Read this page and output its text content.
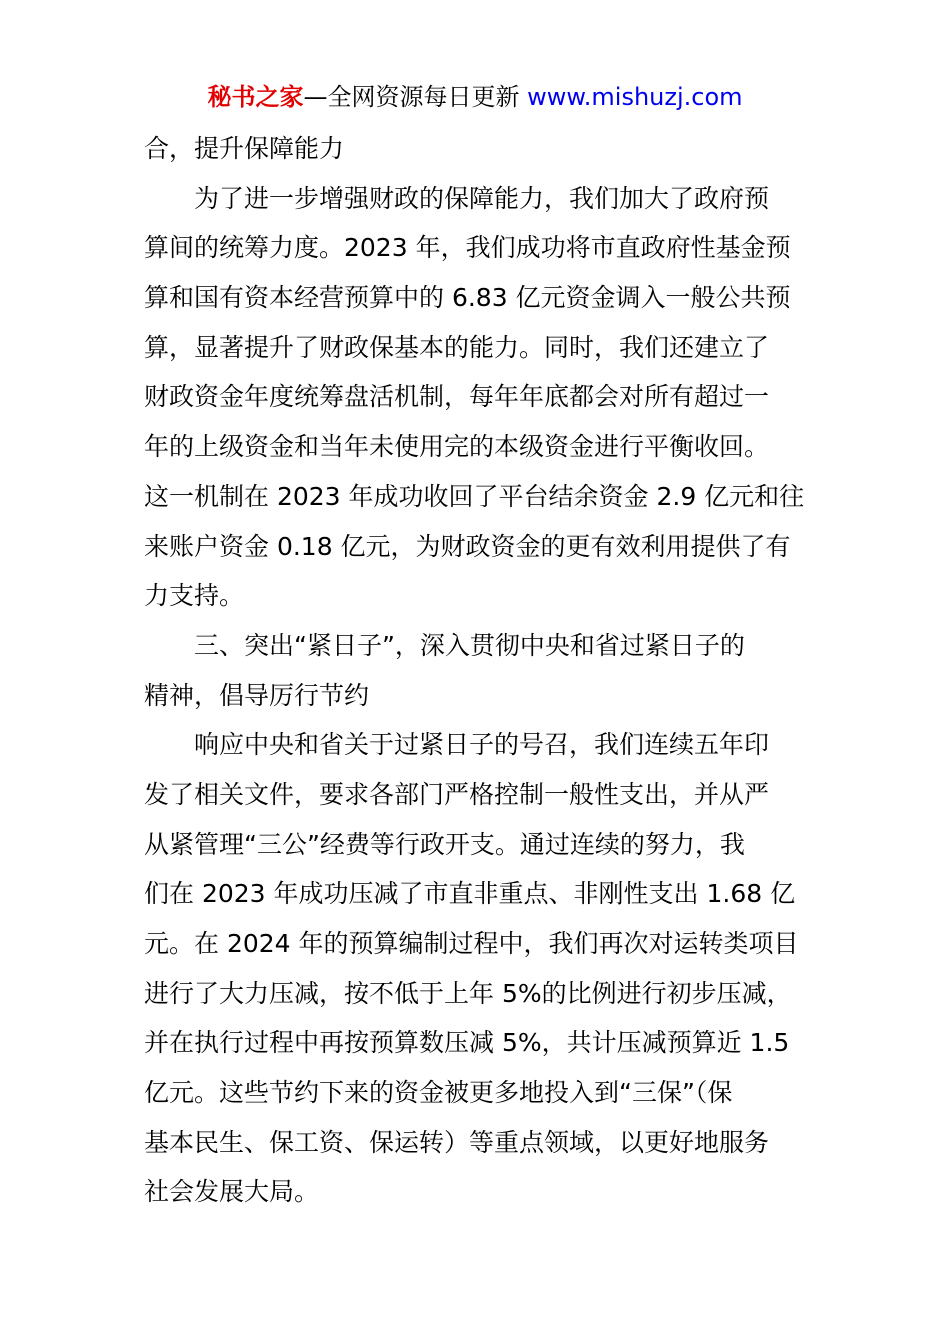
秘书之家—全网资源每日更新 www.mishuzj.com
合，提升保障能力
为了进一步增强财政的保障能力，我们加大了政府预
算间的统筹力度。2023 年，我们成功将市直政府性基金预
算和国有资本经营预算中的 6.83 亿元资金调入一般公共预
算，显著提升了财政保基本的能力。同时，我们还建立了
财政资金年度统筹盘活机制，每年年底都会对所有超过一
年的上级资金和当年未使用完的本级资金进行平衡收回。
这一机制在 2023 年成功收回了平台结余资金 2.9 亿元和往
来账户资金 0.18 亿元，为财政资金的更有效利用提供了有
力支持。
三、突出“紧日子”，深入贯彻中央和省过紧日子的
精神，倡导厉行节约
响应中央和省关于过紧日子的号召，我们连续五年印
发了相关文件，要求各部门严格控制一般性支出，并从严
从紧管理“三公”经费等行政开支。通过连续的努力，我
们在 2023 年成功压减了市直非重点、非刚性支出 1.68 亿
元。在 2024 年的预算编制过程中，我们再次对运转类项目
进行了大力压减，按不低于上年 5%的比例进行初步压减，
并在执行过程中再按预算数压减 5%，共计压减预算近 1.5
亿元。这些节约下来的资金被更多地投入到“三保”（保
基本民生、保工资、保运转）等重点领域，以更好地服务
社会发展大局。
